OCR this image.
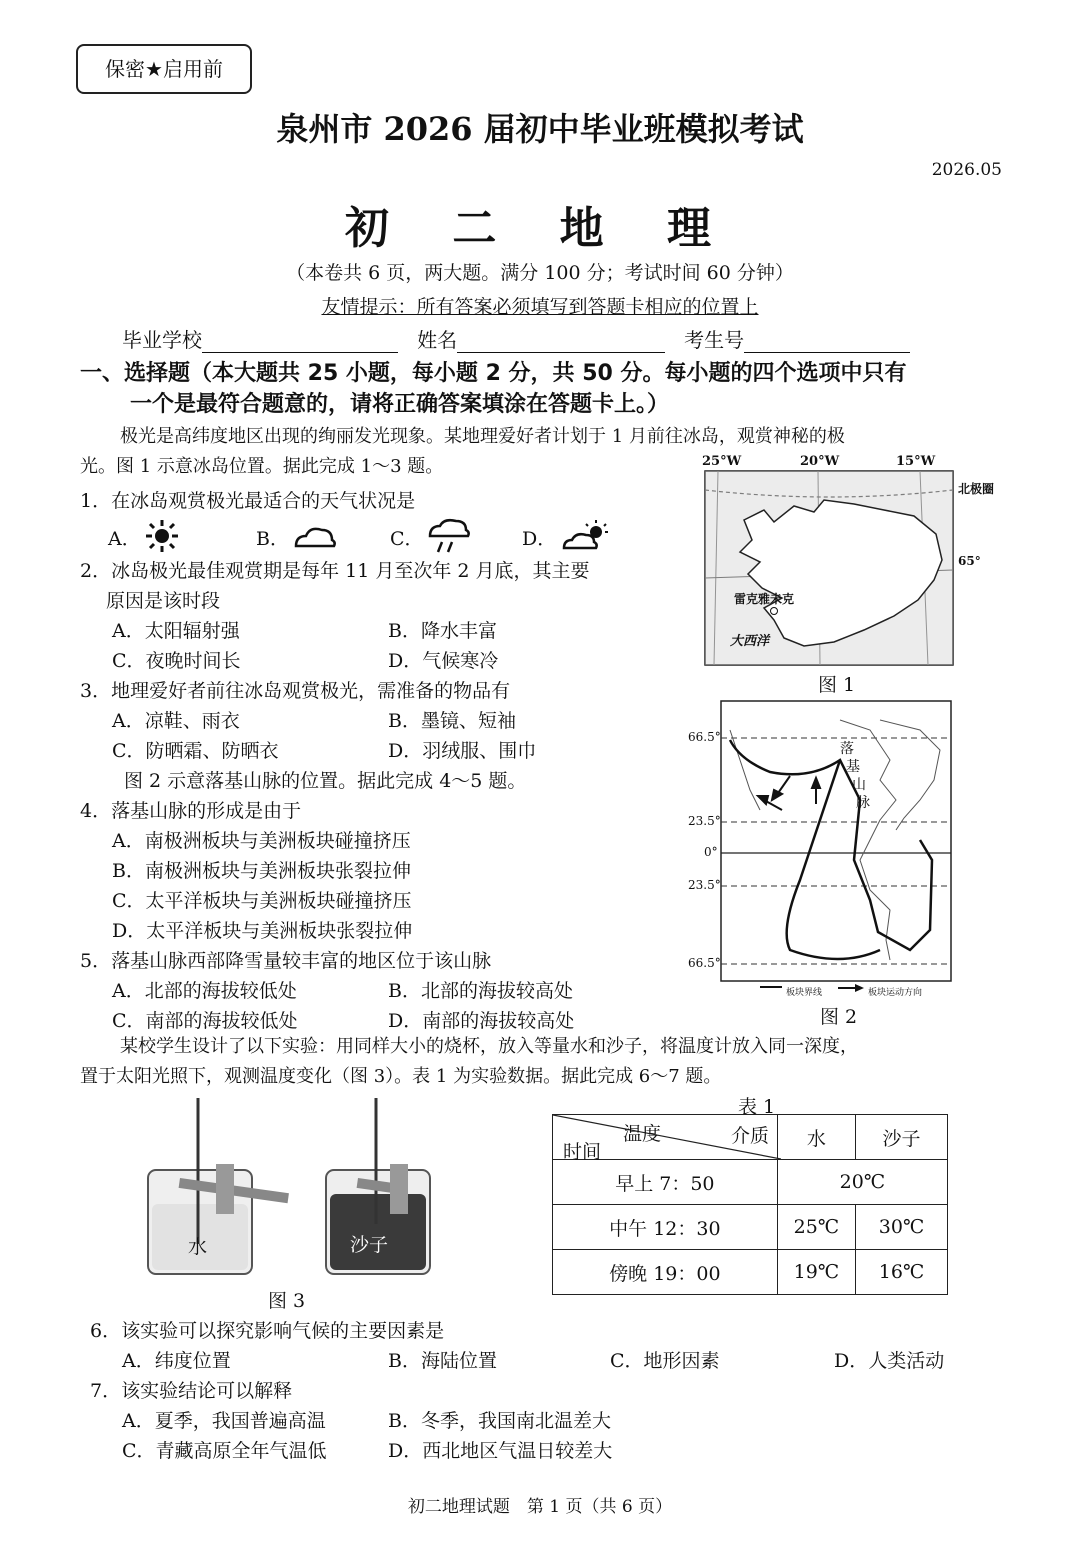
保密★启用前
泉州市 2026 届初中毕业班模拟考试
2026.05
初 二 地 理
（本卷共 6 页，两大题。满分 100 分；考试时间 60 分钟）
友情提示：所有答案必须填写到答题卡相应的位置上
毕业学校	姓名	考生号
一、选择题（本大题共 25 小题，每小题 2 分，共 50 分。每小题的四个选项中只有
一个是最符合题意的，请将正确答案填涂在答题卡上。）
极光是高纬度地区出现的绚丽发光现象。某地理爱好者计划于 1 月前往冰岛，观赏神秘的极
光。图 1 示意冰岛位置。据此完成 1～3 题。
1．在冰岛观赏极光最适合的天气状况是
A．	B．	C．	D．
2．冰岛极光最佳观赏期是每年 11 月至次年 2 月底，其主要
原因是该时段
A．太阳辐射强	B．降水丰富
C．夜晚时间长	D．气候寒冷
3．地理爱好者前往冰岛观赏极光，需准备的物品有
A．凉鞋、雨衣	B．墨镜、短袖
C．防晒霜、防晒衣	D．羽绒服、围巾
图 2 示意落基山脉的位置。据此完成 4～5 题。
4．落基山脉的形成是由于
A．南极洲板块与美洲板块碰撞挤压
B．南极洲板块与美洲板块张裂拉伸
C．太平洋板块与美洲板块碰撞挤压
D．太平洋板块与美洲板块张裂拉伸
5．落基山脉西部降雪量较丰富的地区位于该山脉
A．北部的海拔较低处	B．北部的海拔较高处
C．南部的海拔较低处	D．南部的海拔较高处
25°W	20°W	15°W
北极圈
65°
雷克雅未克
大西洋
图 1
66.5°
23.5°
0°
23.5°
66.5°
落
基
山
脉
板块界线	板块运动方向
图 2
某校学生设计了以下实验：用同样大小的烧杯，放入等量水和沙子，将温度计放入同一深度，
置于太阳光照下，观测温度变化（图 3）。表 1 为实验数据。据此完成 6～7 题。
水	沙子
图 3
表 1
温度 介质
时间	水	沙子
早上 7：50	20℃	
中午 12：30	25℃	30℃
傍晚 19：00	19℃	16℃
6．该实验可以探究影响气候的主要因素是
A．纬度位置	B．海陆位置	C．地形因素	D．人类活动
7．该实验结论可以解释
A．夏季，我国普遍高温	B．冬季，我国南北温差大
C．青藏高原全年气温低	D．西北地区气温日较差大
初二地理试题　第 1 页（共 6 页）
